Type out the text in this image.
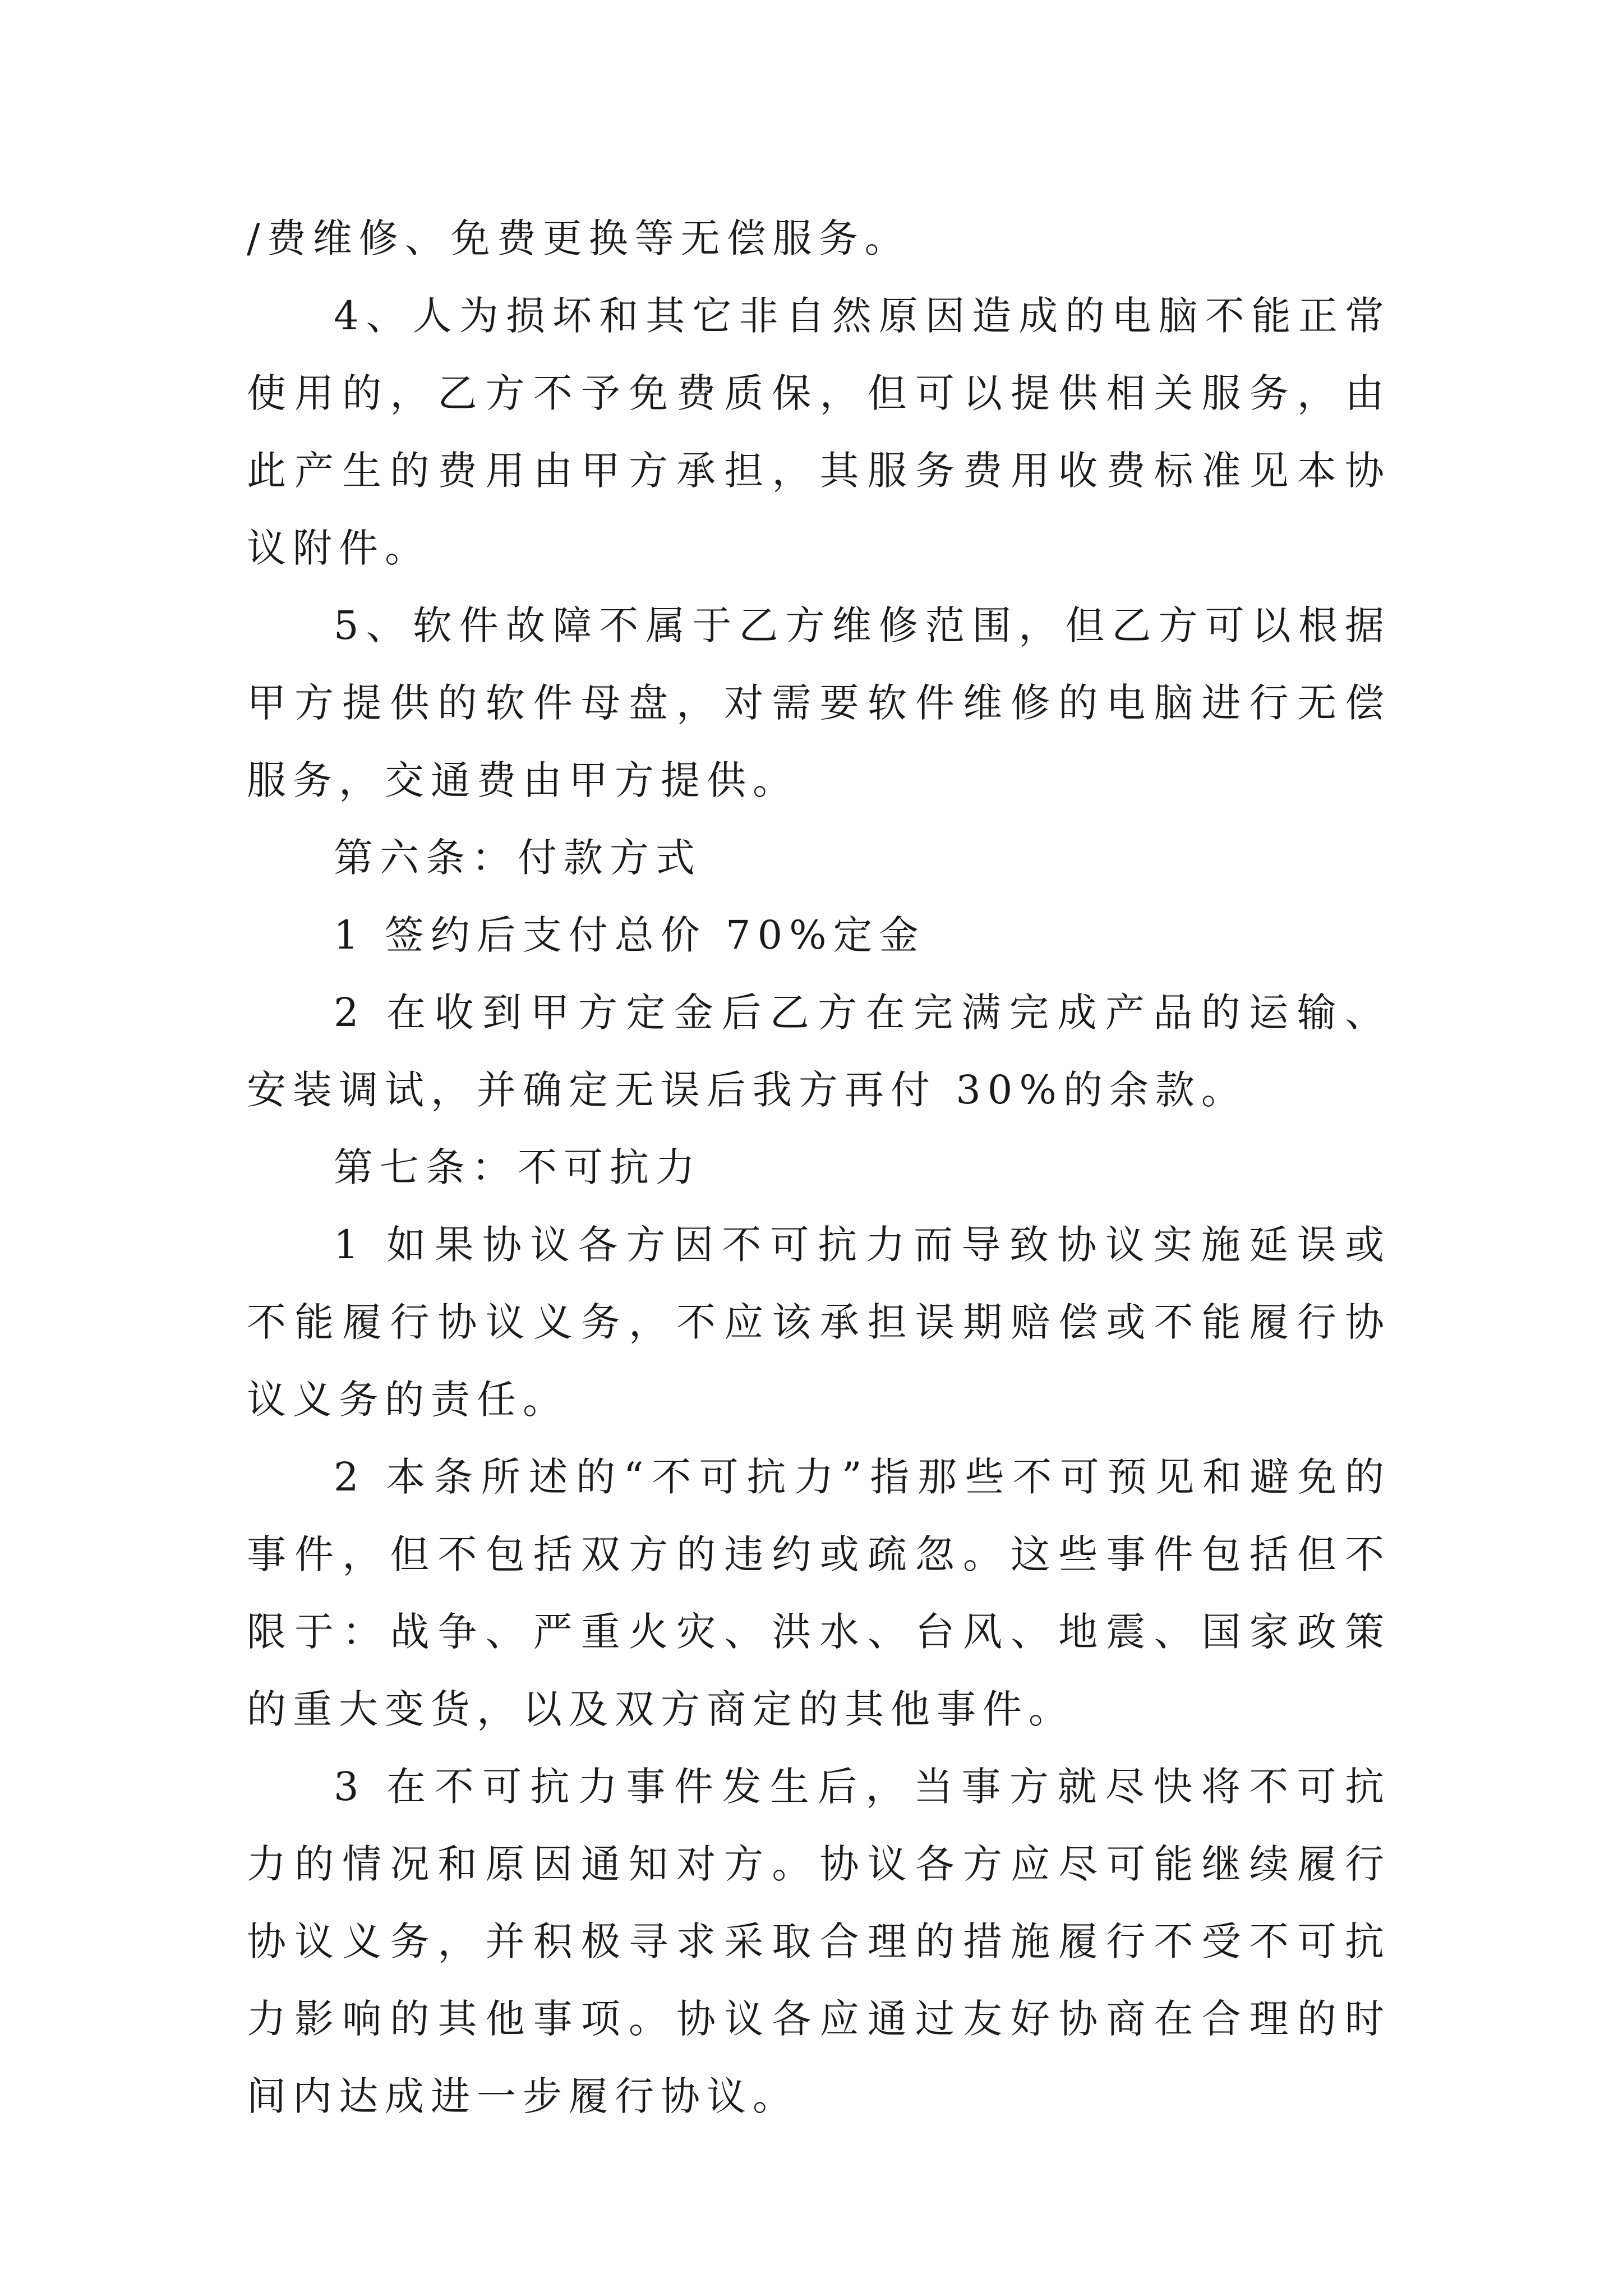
/费维修、免费更换等无偿服务。

4、人为损坏和其它非自然原因造成的电脑不能正常使用的，乙方不予免费质保，但可以提供相关服务，由此产生的费用由甲方承担，其服务费用收费标准见本协议附件。

5、软件故障不属于乙方维修范围，但乙方可以根据甲方提供的软件母盘，对需要软件维修的电脑进行无偿服务，交通费由甲方提供。

第六条：付款方式

1 签约后支付总价 70%定金

2 在收到甲方定金后乙方在完满完成产品的运输、安装调试，并确定无误后我方再付 30%的余款。

第七条：不可抗力

1 如果协议各方因不可抗力而导致协议实施延误或不能履行协议义务，不应该承担误期赔偿或不能履行协议义务的责任。

2 本条所述的“不可抗力”指那些不可预见和避免的事件，但不包括双方的违约或疏忽。这些事件包括但不限于：战争、严重火灾、洪水、台风、地震、国家政策的重大变货，以及双方商定的其他事件。

3 在不可抗力事件发生后，当事方就尽快将不可抗力的情况和原因通知对方。协议各方应尽可能继续履行协议义务，并积极寻求采取合理的措施履行不受不可抗力影响的其他事项。协议各应通过友好协商在合理的时间内达成进一步履行协议。
